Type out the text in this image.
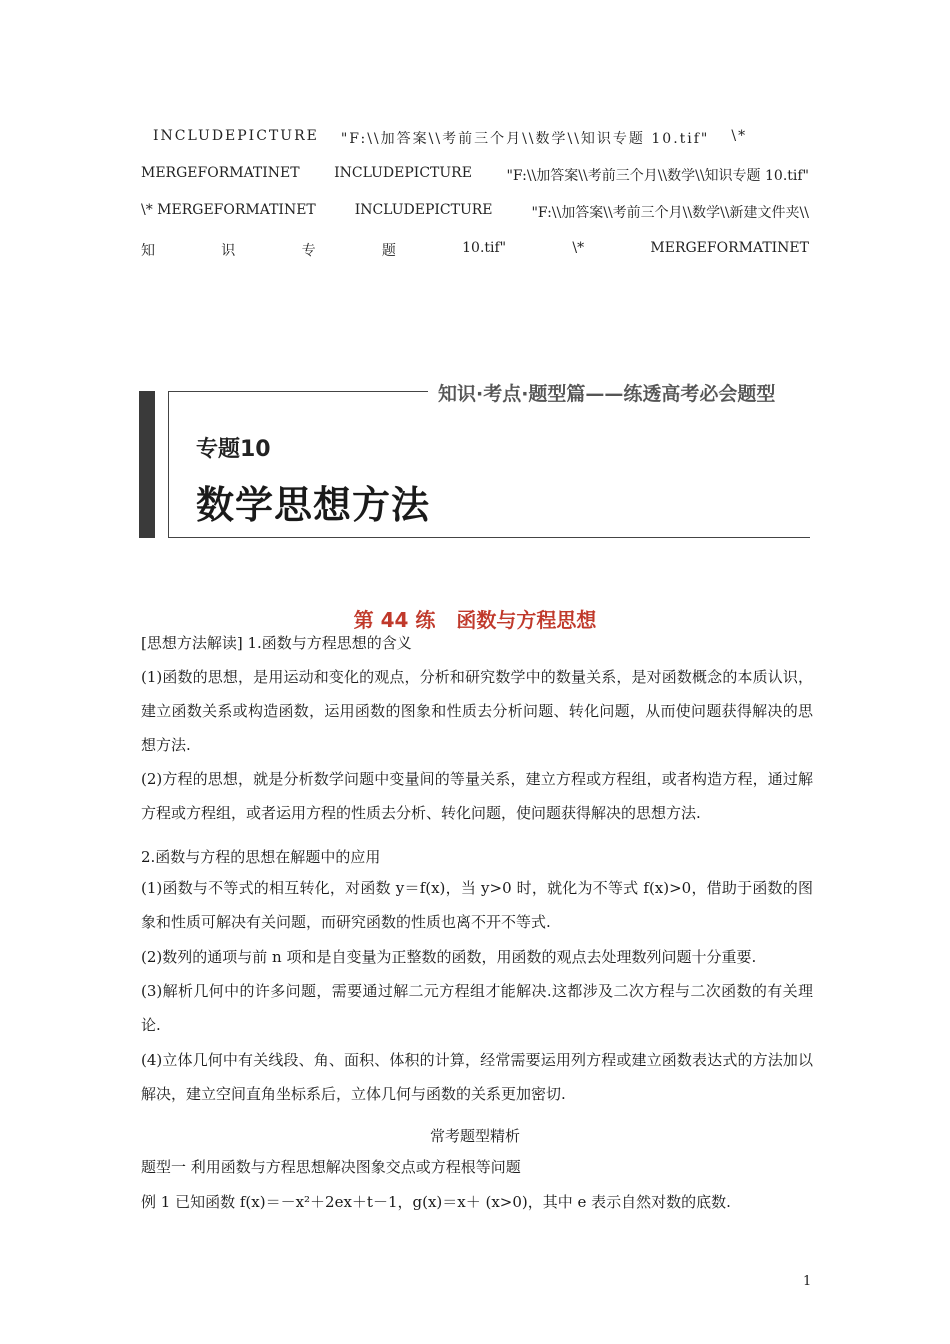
INCLUDEPICTURE "F:\\加答案\\考前三个月\\数学\\知识专题 10.tif" \*
MERGEFORMATINET INCLUDEPICTURE "F:\\加答案\\考前三个月\\数学\\知识专题 10.tif"
\* MERGEFORMATINET	INCLUDEPICTURE	"F:\\加答案\\考前三个月\\数学\\新建文件夹\\
知	识	专	题	10.tif"	\*	MERGEFORMATINET
知识·考点·题型篇——练透高考必会题型
专题10
数学思想方法
第 44 练   函数与方程思想
[思想方法解读] 1.函数与方程思想的含义
(1)函数的思想，是用运动和变化的观点，分析和研究数学中的数量关系，是对函数概念的本质认识，建立函数关系或构造函数，运用函数的图象和性质去分析问题、转化问题，从而使问题获得解决的思想方法.
(2)方程的思想，就是分析数学问题中变量间的等量关系，建立方程或方程组，或者构造方程，通过解方程或方程组，或者运用方程的性质去分析、转化问题，使问题获得解决的思想方法.
2.函数与方程的思想在解题中的应用
(1)函数与不等式的相互转化，对函数 y＝f(x)，当 y>0 时，就化为不等式 f(x)>0，借助于函数的图象和性质可解决有关问题，而研究函数的性质也离不开不等式.
(2)数列的通项与前 n 项和是自变量为正整数的函数，用函数的观点去处理数列问题十分重要.
(3)解析几何中的许多问题，需要通过解二元方程组才能解决.这都涉及二次方程与二次函数的有关理论.
(4)立体几何中有关线段、角、面积、体积的计算，经常需要运用列方程或建立函数表达式的方法加以解决，建立空间直角坐标系后，立体几何与函数的关系更加密切.
常考题型精析
题型一 利用函数与方程思想解决图象交点或方程根等问题
例 1 已知函数 f(x)＝－x²＋2ex＋t－1，g(x)＝x＋ (x>0)，其中 e 表示自然对数的底数.
1
